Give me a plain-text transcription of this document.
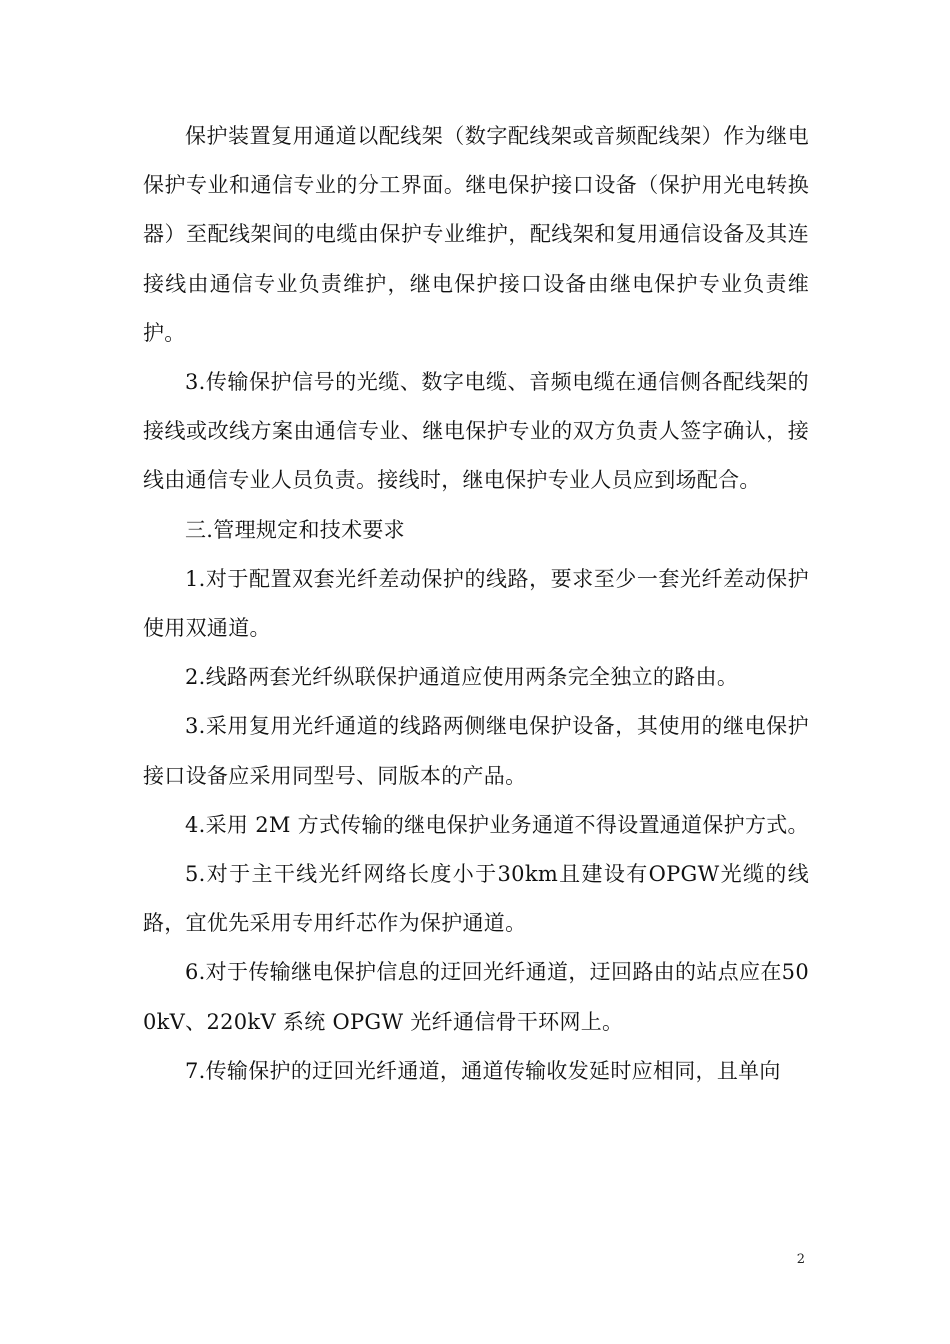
保护装置复用通道以配线架（数字配线架或音频配线架）作为继电保护专业和通信专业的分工界面。继电保护接口设备（保护用光电转换器）至配线架间的电缆由保护专业维护，配线架和复用通信设备及其连接线由通信专业负责维护，继电保护接口设备由继电保护专业负责维护。

3.传输保护信号的光缆、数字电缆、音频电缆在通信侧各配线架的接线或改线方案由通信专业、继电保护专业的双方负责人签字确认，接线由通信专业人员负责。接线时，继电保护专业人员应到场配合。

三.管理规定和技术要求

1.对于配置双套光纤差动保护的线路，要求至少一套光纤差动保护使用双通道。

2.线路两套光纤纵联保护通道应使用两条完全独立的路由。

3.采用复用光纤通道的线路两侧继电保护设备，其使用的继电保护接口设备应采用同型号、同版本的产品。

4.采用 2M 方式传输的继电保护业务通道不得设置通道保护方式。

5.对于主干线光纤网络长度小于30km且建设有OPGW光缆的线路，宜优先采用专用纤芯作为保护通道。

6.对于传输继电保护信息的迂回光纤通道，迂回路由的站点应在500kV、220kV 系统 OPGW 光纤通信骨干环网上。

7.传输保护的迂回光纤通道，通道传输收发延时应相同，且单向

2
